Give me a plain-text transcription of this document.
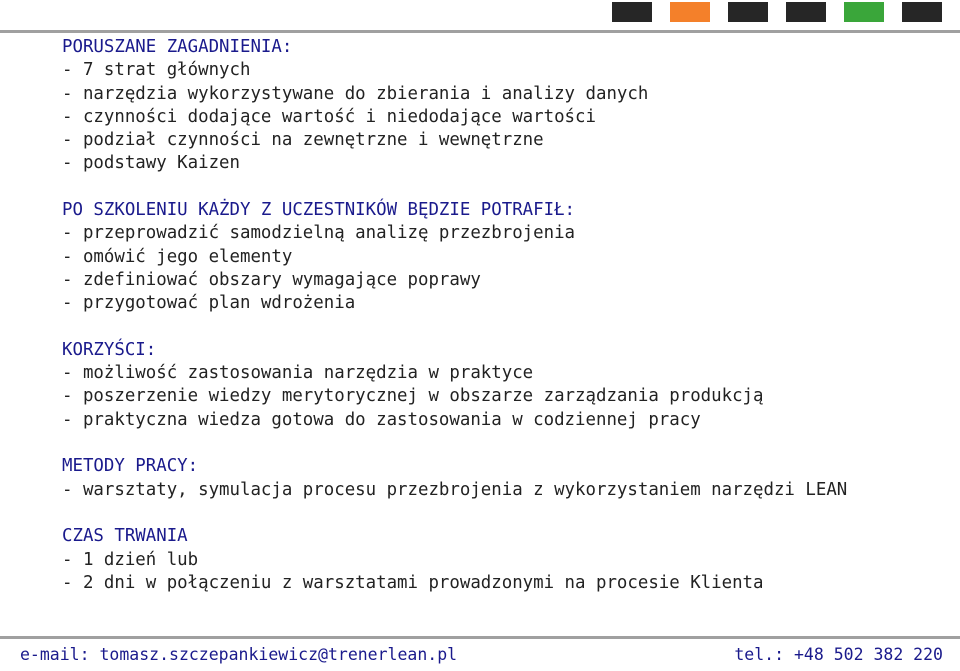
PORUSZANE ZAGADNIENIA:
- 7 strat głównych
- narzędzia wykorzystywane do zbierania i analizy danych
- czynności dodające wartość i niedodające wartości
- podział czynności na zewnętrzne i wewnętrzne
- podstawy Kaizen
PO SZKOLENIU KAŻDY Z UCZESTNIKÓW BĘDZIE POTRAFIŁ:
- przeprowadzić samodzielną analizę przezbrojenia
- omówić jego elementy
- zdefiniować obszary wymagające poprawy
- przygotować plan wdrożenia
KORZYŚCI:
- możliwość zastosowania narzędzia w praktyce
- poszerzenie wiedzy merytorycznej w obszarze zarządzania produkcją
- praktyczna wiedza gotowa do zastosowania w codziennej pracy
METODY PRACY:
- warsztaty, symulacja procesu przezbrojenia z wykorzystaniem narzędzi LEAN
CZAS TRWANIA
- 1 dzień lub
- 2 dni w połączeniu z warsztatami prowadzonymi na procesie Klienta
e-mail: tomasz.szczepankiewicz@trenerlean.pl	tel.: +48 502 382 220
